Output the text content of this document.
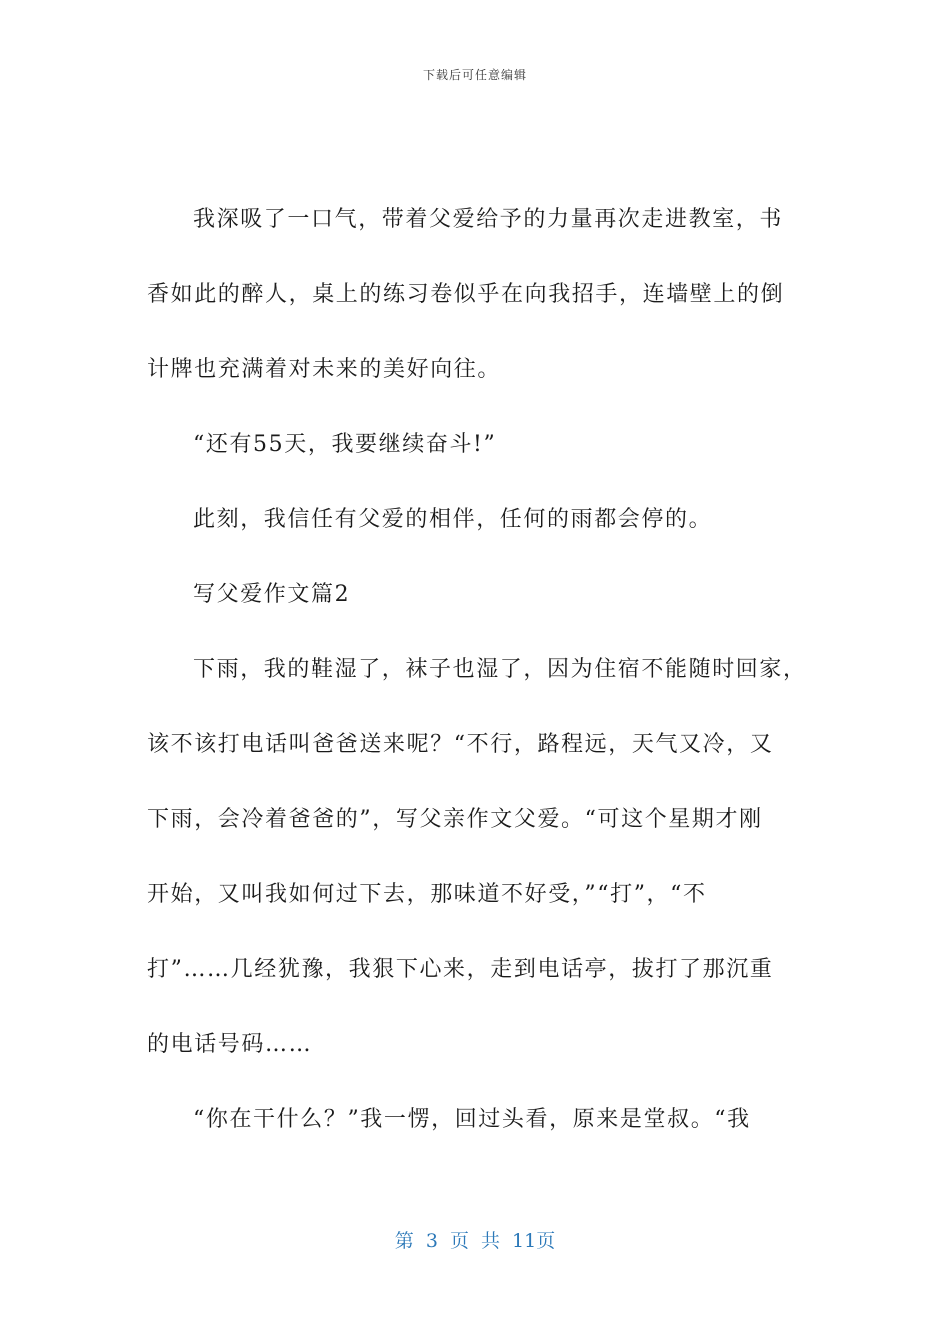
下载后可任意编辑
我深吸了一口气，带着父爱给予的力量再次走进教室，书
香如此的醉人，桌上的练习卷似乎在向我招手，连墙壁上的倒
计牌也充满着对未来的美好向往。
“还有55天，我要继续奋斗!”
此刻，我信任有父爱的相伴，任何的雨都会停的。
写父爱作文篇2
下雨，我的鞋湿了，袜子也湿了，因为住宿不能随时回家，
该不该打电话叫爸爸送来呢？“不行，路程远，天气又冷，又
下雨，会冷着爸爸的”，写父亲作文父爱。“可这个星期才刚
开始，又叫我如何过下去，那味道不好受，”“打”，“不
打”……几经犹豫，我狠下心来，走到电话亭，拔打了那沉重
的电话号码……
“你在干什么？”我一愣，回过头看，原来是堂叔。“我
第 3 页 共 11页
